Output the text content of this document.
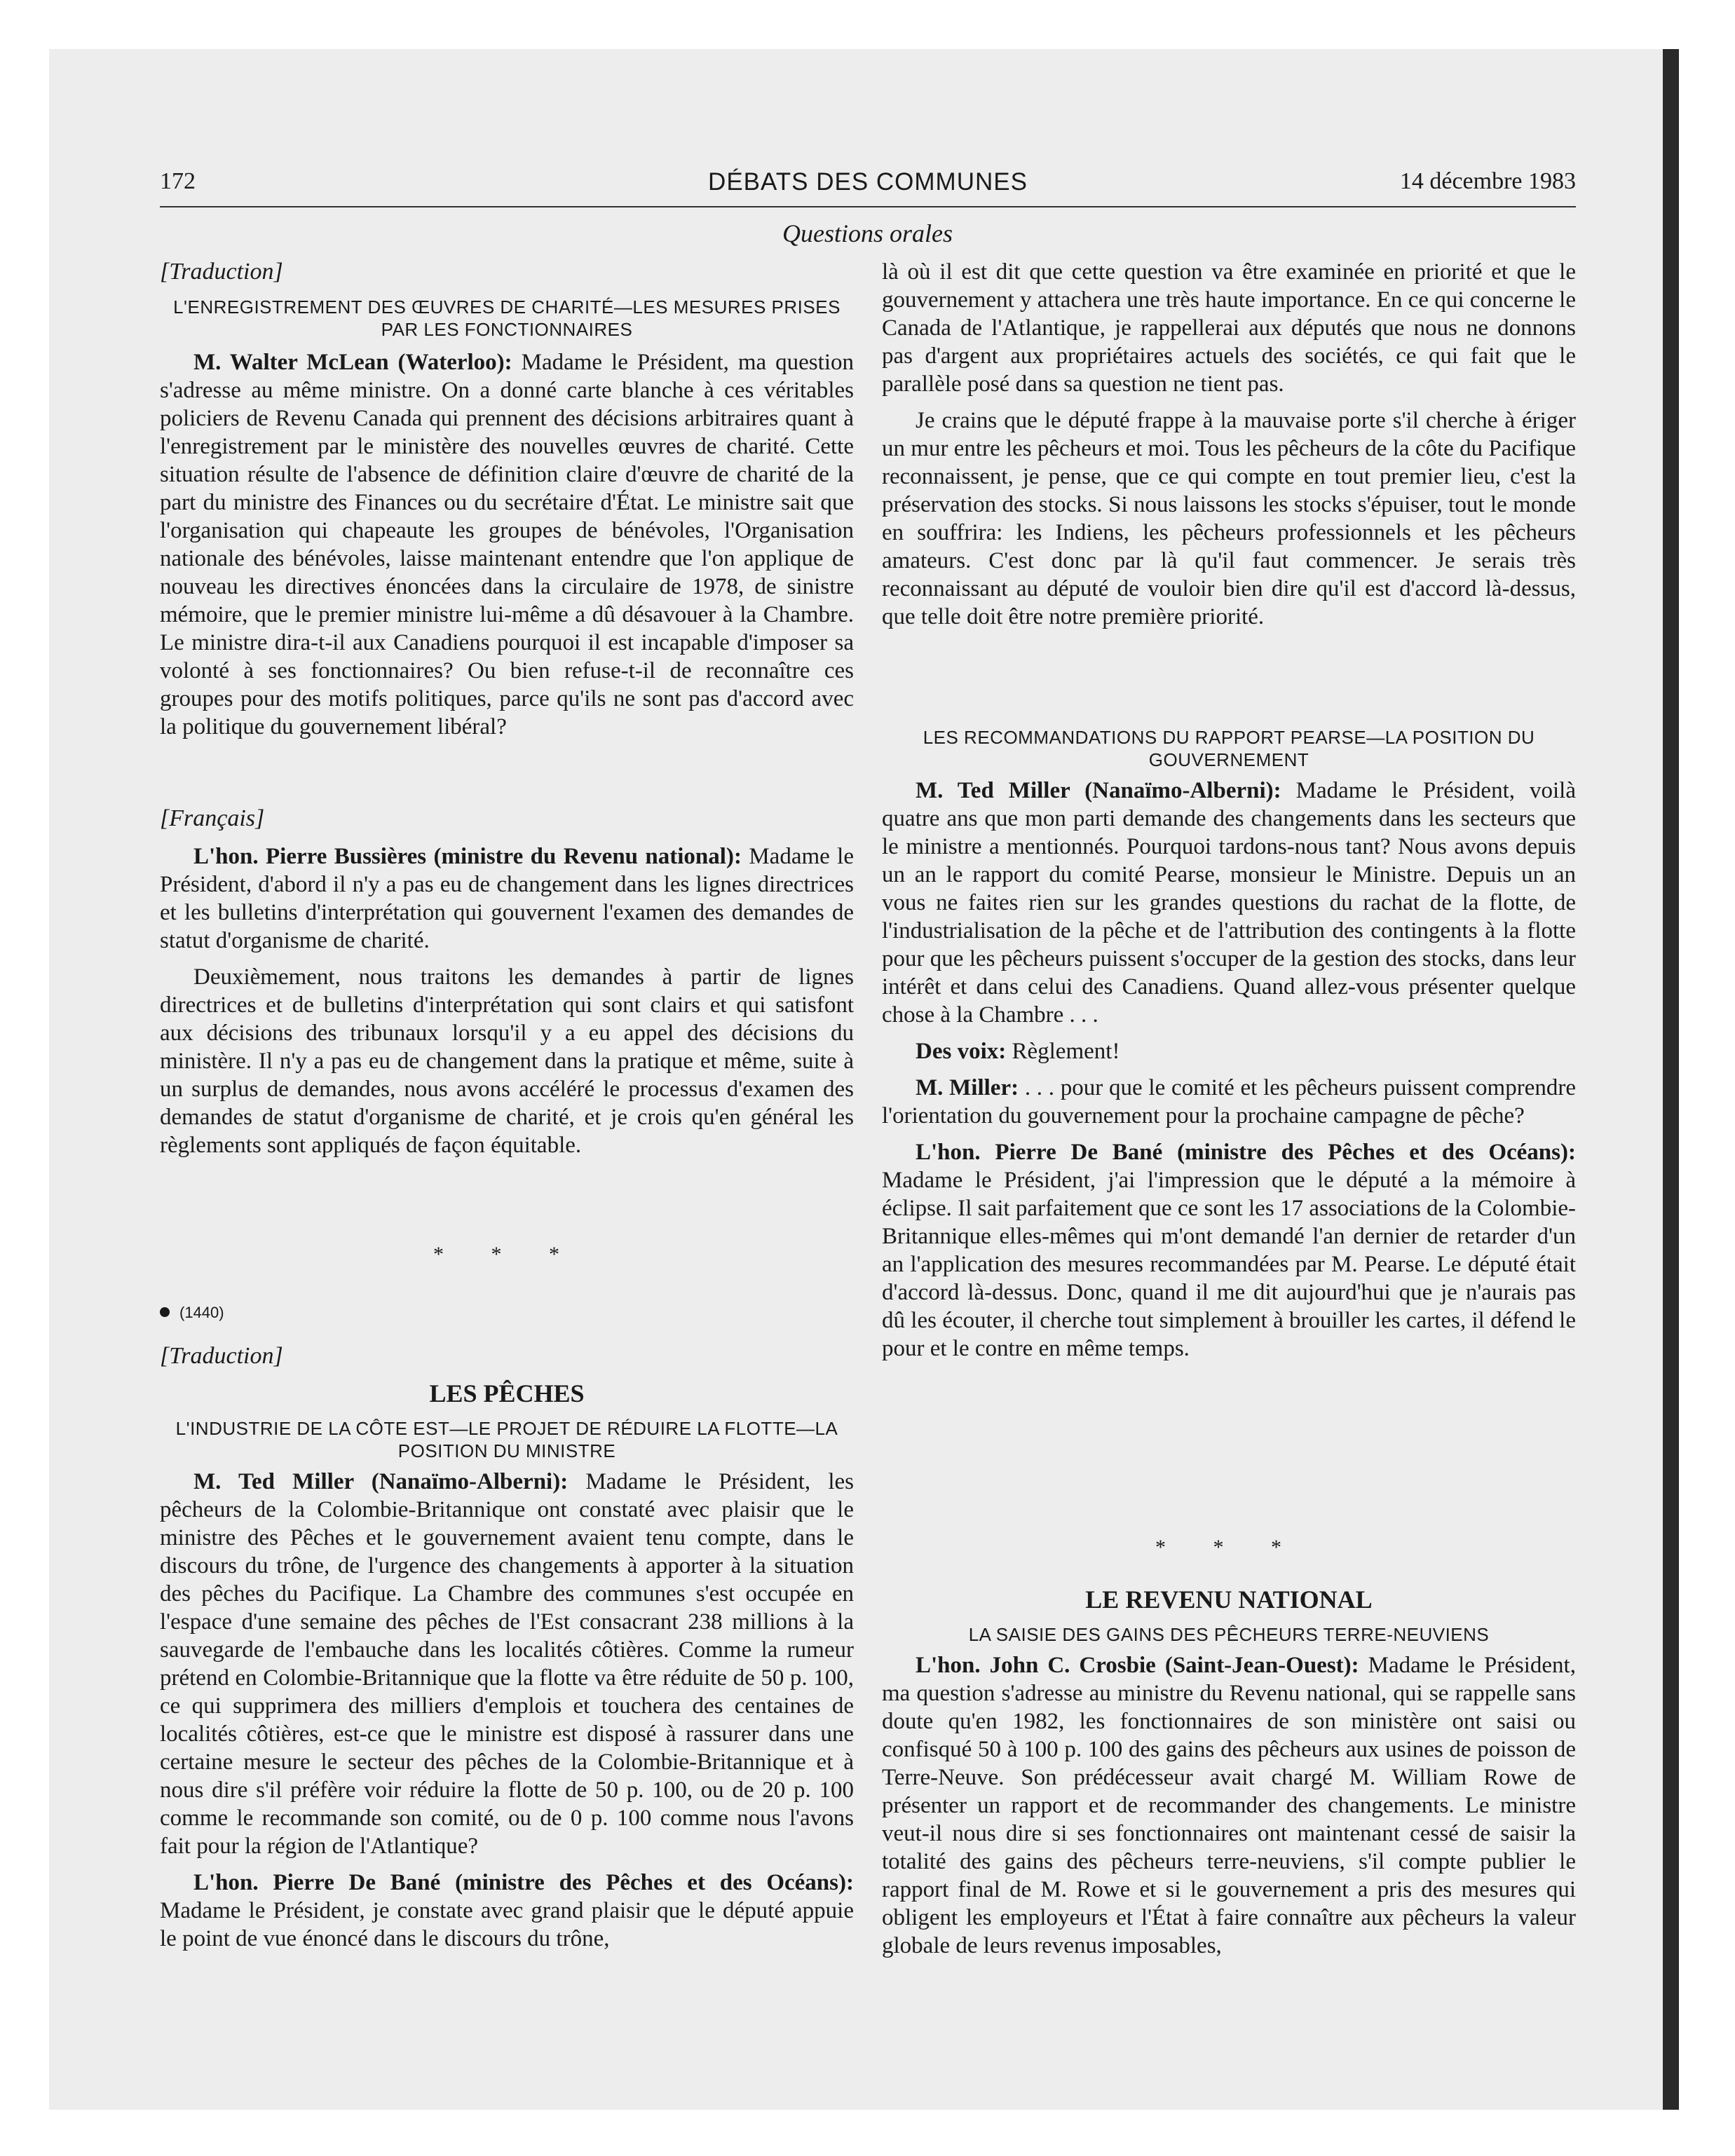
172	DÉBATS DES COMMUNES	14 décembre 1983
Questions orales
[Traduction]
L'ENREGISTREMENT DES ŒUVRES DE CHARITÉ—LES MESURES PRISES PAR LES FONCTIONNAIRES

M. Walter McLean (Waterloo): Madame le Président, ma question s'adresse au même ministre. On a donné carte blanche à ces véritables policiers de Revenu Canada qui prennent des décisions arbitraires quant à l'enregistrement par le ministère des nouvelles œuvres de charité. Cette situation résulte de l'absence de définition claire d'œuvre de charité de la part du ministre des Finances ou du secrétaire d'État. Le ministre sait que l'organisation qui chapeaute les groupes de bénévoles, l'Organisation nationale des bénévoles, laisse maintenant entendre que l'on applique de nouveau les directives énoncées dans la circulaire de 1978, de sinistre mémoire, que le premier ministre lui-même a dû désavouer à la Chambre. Le ministre dira-t-il aux Canadiens pourquoi il est incapable d'imposer sa volonté à ses fonctionnaires? Ou bien refuse-t-il de reconnaître ces groupes pour des motifs politiques, parce qu'ils ne sont pas d'accord avec la politique du gouvernement libéral?

[Français]

L'hon. Pierre Bussières (ministre du Revenu national): Madame le Président, d'abord il n'y a pas eu de changement dans les lignes directrices et les bulletins d'interprétation qui gouvernent l'examen des demandes de statut d'organisme de charité.

Deuxièmement, nous traitons les demandes à partir de lignes directrices et de bulletins d'interprétation qui sont clairs et qui satisfont aux décisions des tribunaux lorsqu'il y a eu appel des décisions du ministère. Il n'y a pas eu de changement dans la pratique et même, suite à un surplus de demandes, nous avons accéléré le processus d'examen des demandes de statut d'organisme de charité, et je crois qu'en général les règlements sont appliqués de façon équitable.

* * *
(1440)
[Traduction]
LES PÊCHES
L'INDUSTRIE DE LA CÔTE EST—LE PROJET DE RÉDUIRE LA FLOTTE—LA POSITION DU MINISTRE

M. Ted Miller (Nanaïmo-Alberni): Madame le Président, les pêcheurs de la Colombie-Britannique ont constaté avec plaisir que le ministre des Pêches et le gouvernement avaient tenu compte, dans le discours du trône, de l'urgence des changements à apporter à la situation des pêches du Pacifique. La Chambre des communes s'est occupée en l'espace d'une semaine des pêches de l'Est consacrant 238 millions à la sauvegarde de l'embauche dans les localités côtières. Comme la rumeur prétend en Colombie-Britannique que la flotte va être réduite de 50 p. 100, ce qui supprimera des milliers d'emplois et touchera des centaines de localités côtières, est-ce que le ministre est disposé à rassurer dans une certaine mesure le secteur des pêches de la Colombie-Britannique et à nous dire s'il préfère voir réduire la flotte de 50 p. 100, ou de 20 p. 100 comme le recommande son comité, ou de 0 p. 100 comme nous l'avons fait pour la région de l'Atlantique?

L'hon. Pierre De Bané (ministre des Pêches et des Océans): Madame le Président, je constate avec grand plaisir que le député appuie le point de vue énoncé dans le discours du trône,

là où il est dit que cette question va être examinée en priorité et que le gouvernement y attachera une très haute importance. En ce qui concerne le Canada de l'Atlantique, je rappellerai aux députés que nous ne donnons pas d'argent aux propriétaires actuels des sociétés, ce qui fait que le parallèle posé dans sa question ne tient pas.

Je crains que le député frappe à la mauvaise porte s'il cherche à ériger un mur entre les pêcheurs et moi. Tous les pêcheurs de la côte du Pacifique reconnaissent, je pense, que ce qui compte en tout premier lieu, c'est la préservation des stocks. Si nous laissons les stocks s'épuiser, tout le monde en souffrira: les Indiens, les pêcheurs professionnels et les pêcheurs amateurs. C'est donc par là qu'il faut commencer. Je serais très reconnaissant au député de vouloir bien dire qu'il est d'accord là-dessus, que telle doit être notre première priorité.

LES RECOMMANDATIONS DU RAPPORT PEARSE—LA POSITION DU GOUVERNEMENT

M. Ted Miller (Nanaïmo-Alberni): Madame le Président, voilà quatre ans que mon parti demande des changements dans les secteurs que le ministre a mentionnés. Pourquoi tardons-nous tant? Nous avons depuis un an le rapport du comité Pearse, monsieur le Ministre. Depuis un an vous ne faites rien sur les grandes questions du rachat de la flotte, de l'industrialisation de la pêche et de l'attribution des contingents à la flotte pour que les pêcheurs puissent s'occuper de la gestion des stocks, dans leur intérêt et dans celui des Canadiens. Quand allez-vous présenter quelque chose à la Chambre . . .

Des voix: Règlement!

M. Miller: . . . pour que le comité et les pêcheurs puissent comprendre l'orientation du gouvernement pour la prochaine campagne de pêche?

L'hon. Pierre De Bané (ministre des Pêches et des Océans): Madame le Président, j'ai l'impression que le député a la mémoire à éclipse. Il sait parfaitement que ce sont les 17 associations de la Colombie-Britannique elles-mêmes qui m'ont demandé l'an dernier de retarder d'un an l'application des mesures recommandées par M. Pearse. Le député était d'accord là-dessus. Donc, quand il me dit aujourd'hui que je n'aurais pas dû les écouter, il cherche tout simplement à brouiller les cartes, il défend le pour et le contre en même temps.

* * *
LE REVENU NATIONAL
LA SAISIE DES GAINS DES PÊCHEURS TERRE-NEUVIENS

L'hon. John C. Crosbie (Saint-Jean-Ouest): Madame le Président, ma question s'adresse au ministre du Revenu national, qui se rappelle sans doute qu'en 1982, les fonctionnaires de son ministère ont saisi ou confisqué 50 à 100 p. 100 des gains des pêcheurs aux usines de poisson de Terre-Neuve. Son prédécesseur avait chargé M. William Rowe de présenter un rapport et de recommander des changements. Le ministre veut-il nous dire si ses fonctionnaires ont maintenant cessé de saisir la totalité des gains des pêcheurs terre-neuviens, s'il compte publier le rapport final de M. Rowe et si le gouvernement a pris des mesures qui obligent les employeurs et l'État à faire connaître aux pêcheurs la valeur globale de leurs revenus imposables,
